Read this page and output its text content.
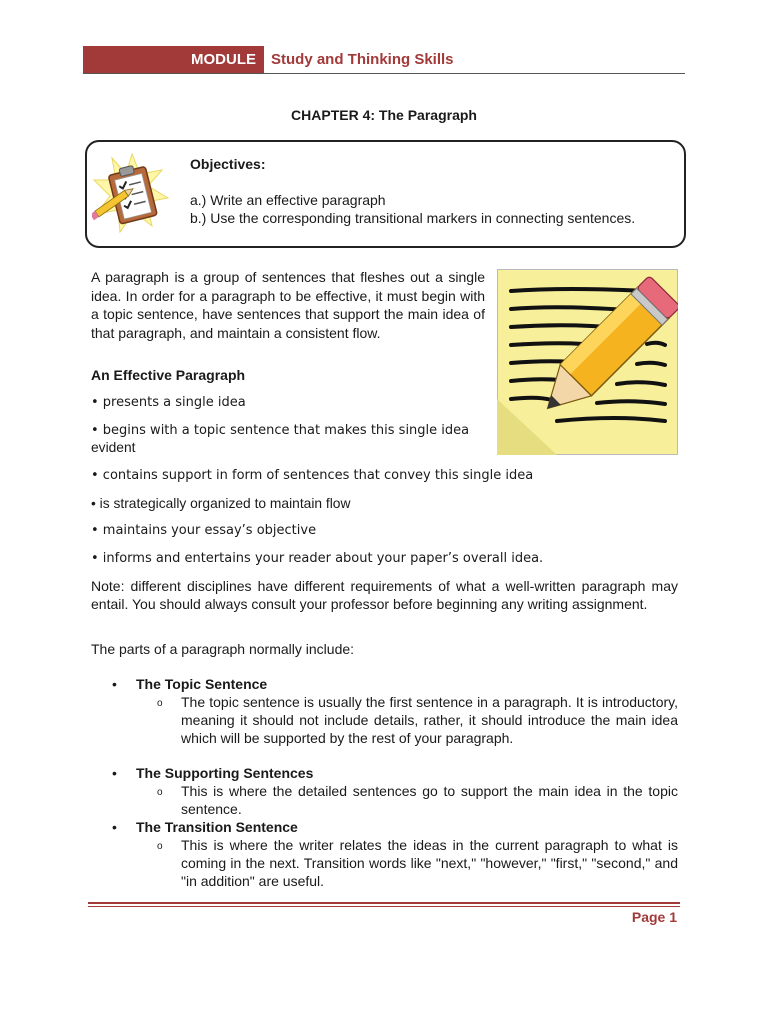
MODULE	Study and Thinking Skills
CHAPTER 4: The Paragraph
Objectives:
a.) Write an effective paragraph
b.) Use the corresponding transitional markers in connecting sentences.

A paragraph is a group of sentences that fleshes out a single idea. In order for a paragraph to be effective, it must begin with a topic sentence, have sentences that support the main idea of that paragraph, and maintain a consistent flow.

An Effective Paragraph

• presents a single idea

• begins with a topic sentence that makes this single idea

evident

• contains support in form of sentences that convey this single idea

• is strategically organized to maintain flow

• maintains your essay’s objective

• informs and entertains your reader about your paper’s overall idea.

Note: different disciplines have different requirements of what a well-written paragraph may entail. You should always consult your professor before beginning any writing assignment.

The parts of a paragraph normally include:
• The Topic Sentence
o The topic sentence is usually the first sentence in a paragraph. It is introductory, meaning it should not include details, rather, it should introduce the main idea which will be supported by the rest of your paragraph.

• The Supporting Sentences
o This is where the detailed sentences go to support the main idea in the topic sentence.

• The Transition Sentence
o This is where the writer relates the ideas in the current paragraph to what is coming in the next. Transition words like "next," "however," "first," "second," and "in addition" are useful.

Page 1
